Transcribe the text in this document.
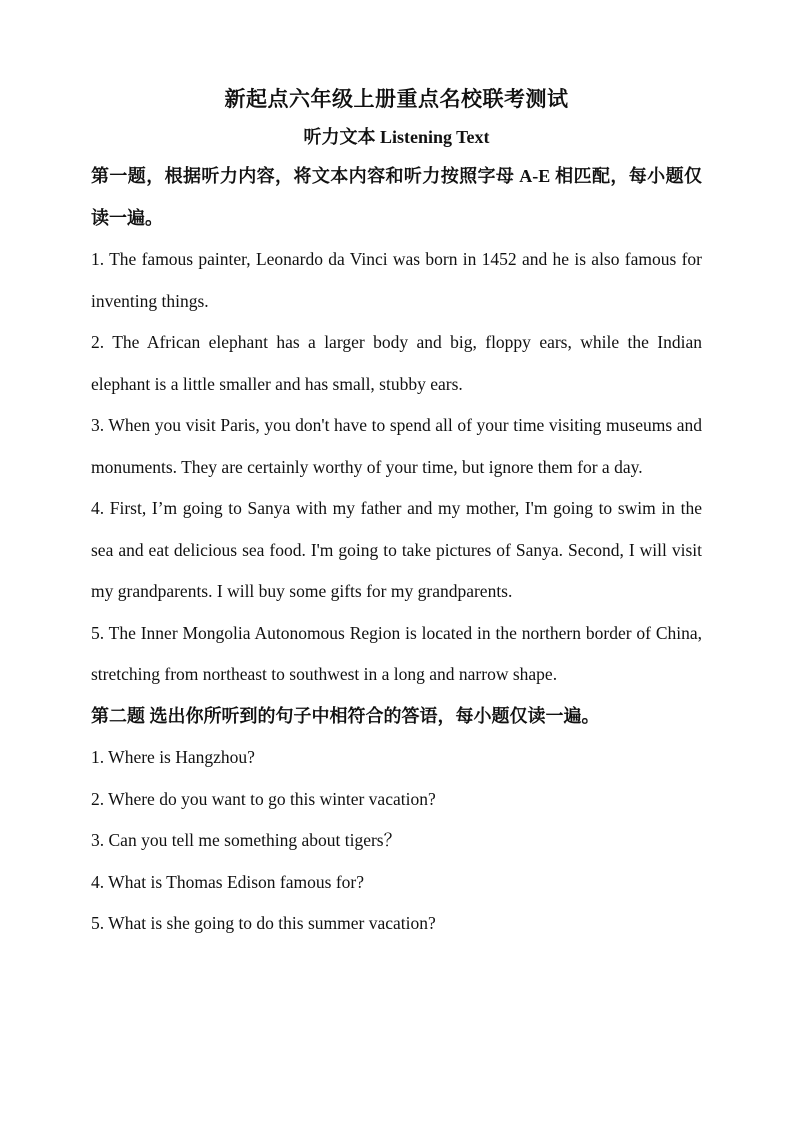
新起点六年级上册重点名校联考测试
听力文本 Listening Text

第一题，根据听力内容，将文本内容和听力按照字母 A-E 相匹配，每小题仅读一遍。

1. The famous painter, Leonardo da Vinci was born in 1452 and he is also famous for inventing things.

2. The African elephant has a larger body and big, floppy ears, while the Indian elephant is a little smaller and has small, stubby ears.

3. When you visit Paris, you don't have to spend all of your time visiting museums and monuments. They are certainly worthy of your time, but ignore them for a day.

4. First, I’m going to Sanya with my father and my mother, I'm going to swim in the sea and eat delicious sea food. I'm going to take pictures of Sanya. Second, I will visit my grandparents. I will buy some gifts for my grandparents.

5. The Inner Mongolia Autonomous Region is located in the northern border of China, stretching from northeast to southwest in a long and narrow shape.

第二题 选出你所听到的句子中相符合的答语，每小题仅读一遍。

1. Where is Hangzhou?

2. Where do you want to go this winter vacation?

3. Can you tell me something about tigers？

4. What is Thomas Edison famous for?

5. What is she going to do this summer vacation?
